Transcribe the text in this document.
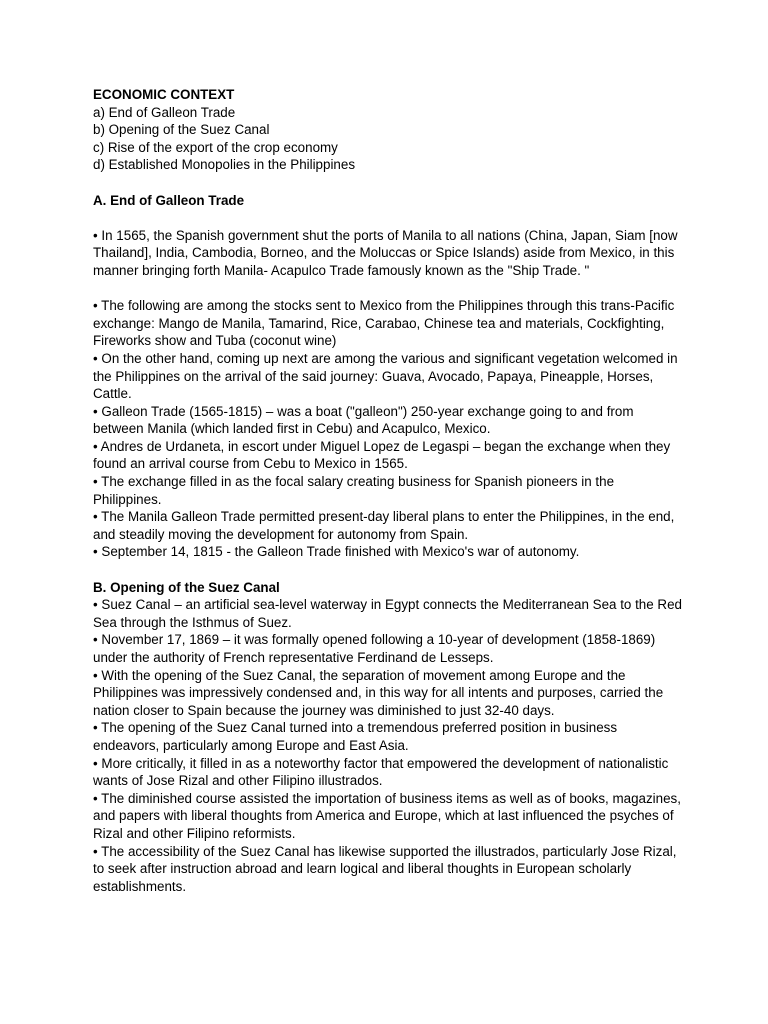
ECONOMIC CONTEXT

a) End of Galleon Trade

b) Opening of the Suez Canal

c) Rise of the export of the crop economy

d) Established Monopolies in the Philippines

A. End of Galleon Trade

• In 1565, the Spanish government shut the ports of Manila to all nations (China, Japan, Siam [now Thailand], India, Cambodia, Borneo, and the Moluccas or Spice Islands) aside from Mexico, in this manner bringing forth Manila- Acapulco Trade famously known as the "Ship Trade. "

• The following are among the stocks sent to Mexico from the Philippines through this trans-Pacific exchange: Mango de Manila, Tamarind, Rice, Carabao, Chinese tea and materials, Cockfighting, Fireworks show and Tuba (coconut wine)

• On the other hand, coming up next are among the various and significant vegetation welcomed in the Philippines on the arrival of the said journey: Guava, Avocado, Papaya, Pineapple, Horses, Cattle.

• Galleon Trade (1565-1815) – was a boat ("galleon") 250-year exchange going to and from between Manila (which landed first in Cebu) and Acapulco, Mexico.

• Andres de Urdaneta, in escort under Miguel Lopez de Legaspi – began the exchange when they found an arrival course from Cebu to Mexico in 1565.

• The exchange filled in as the focal salary creating business for Spanish pioneers in the Philippines.

• The Manila Galleon Trade permitted present-day liberal plans to enter the Philippines, in the end, and steadily moving the development for autonomy from Spain.

• September 14, 1815 - the Galleon Trade finished with Mexico's war of autonomy.

B. Opening of the Suez Canal

• Suez Canal – an artificial sea-level waterway in Egypt connects the Mediterranean Sea to the Red Sea through the Isthmus of Suez.

• November 17, 1869 – it was formally opened following a 10-year of development (1858-1869) under the authority of French representative Ferdinand de Lesseps.

• With the opening of the Suez Canal, the separation of movement among Europe and the Philippines was impressively condensed and, in this way for all intents and purposes, carried the nation closer to Spain because the journey was diminished to just 32-40 days.

• The opening of the Suez Canal turned into a tremendous preferred position in business endeavors, particularly among Europe and East Asia.

• More critically, it filled in as a noteworthy factor that empowered the development of nationalistic wants of Jose Rizal and other Filipino illustrados.

• The diminished course assisted the importation of business items as well as of books, magazines, and papers with liberal thoughts from America and Europe, which at last influenced the psyches of Rizal and other Filipino reformists.

• The accessibility of the Suez Canal has likewise supported the illustrados, particularly Jose Rizal, to seek after instruction abroad and learn logical and liberal thoughts in European scholarly establishments.
